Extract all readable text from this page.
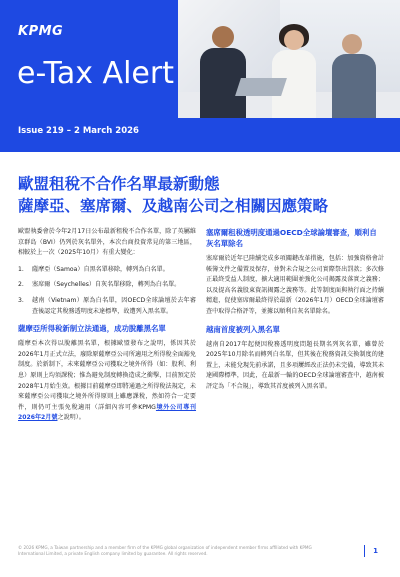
KPMG
e-Tax Alert
Issue 219 – 2 March 2026
歐盟租稅不合作名單最新動態
薩摩亞、塞席爾、及越南公司之相關因應策略

歐盟執委會於今年2月17日公布最新租稅不合作名單，除了英屬維京群島（BVI）仍列於灰名單外，本次台商投資常見的第三地區，相較於上一次（2025年10月）有重大變化：

1. 薩摩亞（Samoa）自黑名單移除，轉列為白名單。
2. 塞席爾（Seychelles）自灰名單移除，轉列為白名單。
3. 越南（Vietnam）原為白名單，因OECD全球論壇於去年審查後認定其稅務透明度未達標準，故遭列入黑名單。
薩摩亞所得稅新制立法通過，成功脫離黑名單

薩摩亞本次得以脫離黑名單，根據歐盟發布之說明，係因其於2026年1月正式立法，廢除原薩摩亞公司所適用之所得稅全面豁免制度。於新制下，未來薩摩亞公司獲取之境外所得（如：股利、利息）原則上均須課稅；惟為避免制度轉換造成之衝擊，目前預定於2028年1月始生效。根據目前薩摩亞即將通過之所得稅法規定，未來薩摩亞公司獲取之境外所得原則上雖應課稅，然如符合一定要件，則仍可主張免稅適用（詳細內容可參KPMG境外公司專刊2026年2月號之說明）。

塞席爾租稅透明度通過OECD全球論壇審查，順利自灰名單除名

塞席爾於近年已陸續完成多項關鍵改革措施，包括：加強資格會計帳簿文件之備置及保存，並對未合規之公司實際祭出罰款；多次修正最終受益人制度，擴大適用範圍並強化公司揭露及落實之義務；以及提高名義股東資訊揭露之義務等。此等制度面與執行面之持續精進，促使塞席爾最終得於最新（2026年1月）OECD全球論壇審查中取得合格評等，並據以順利自灰名單除名。

越南首度被列入黑名單

越南自2017年起便因稅務透明度問題長期名列灰名單，雖曾於2025年10月除名而轉列白名單，但其後在稅務資訊交換制度的建置上，未能兌現先前承諾，且多項屢經改正法仍未完備，導致其未達國際標準，因此，在最新一輪的OECD全球論壇審查中，越南被評定為「不合規」，導致其首度被列入黑名單。

© 2026 KPMG, a Taiwan partnership and a member firm of the KPMG global organization of independent member firms affiliated with KPMG International Limited, a private English company limited by guarantee. All rights reserved.	1
